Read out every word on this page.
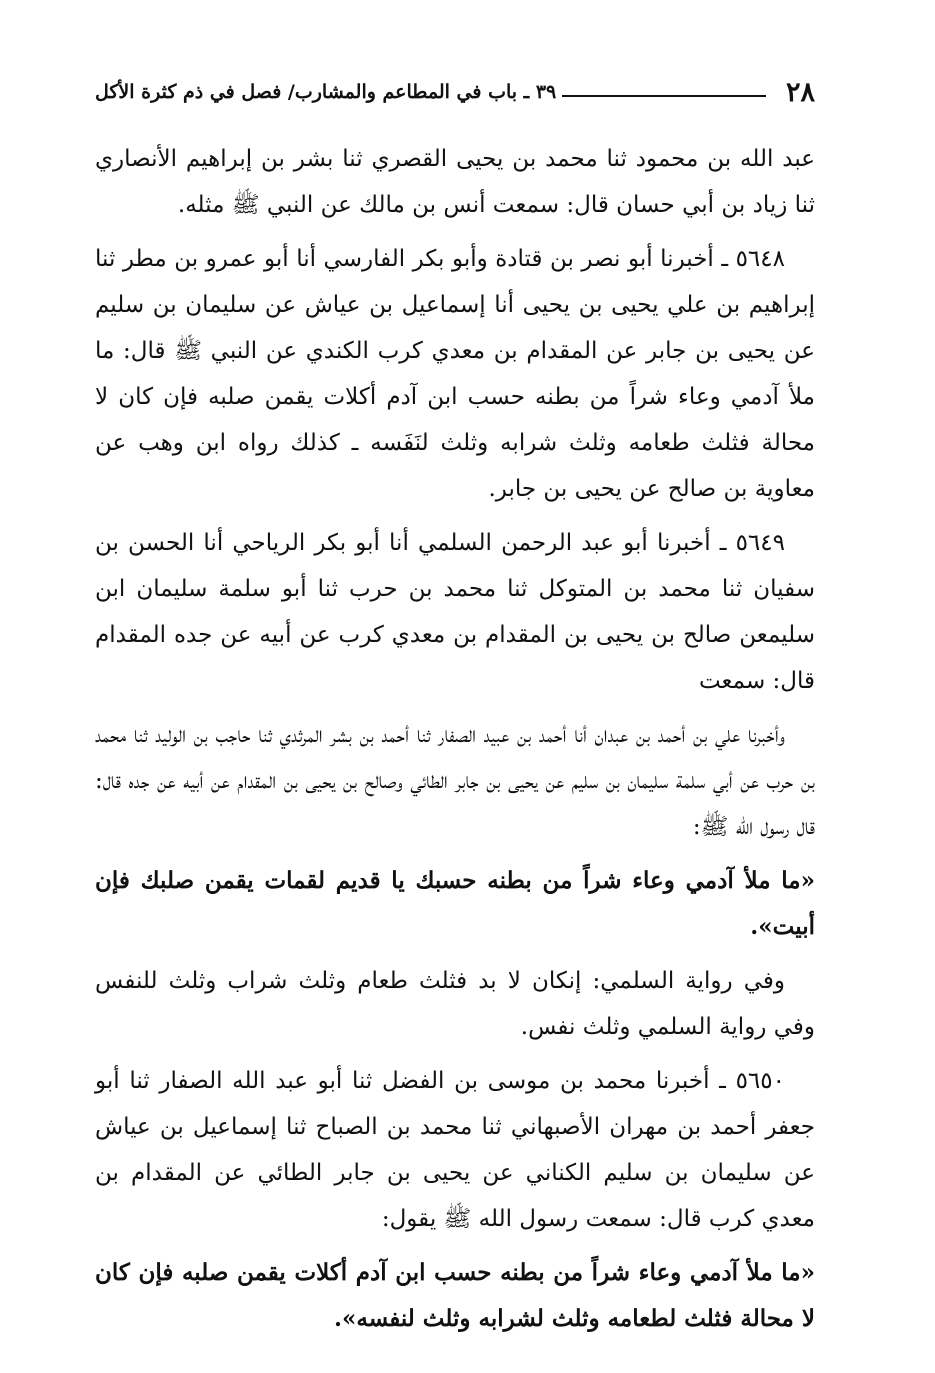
٢٨
٣٩ ـ باب في المطاعم والمشارب/ فصل في ذم كثرة الأكل

عبد الله بن محمود ثنا محمد بن يحيى القصري ثنا بشر بن إبراهيم الأنصاري ثنا زياد بن أبي حسان قال: سمعت أنس بن مالك عن النبي ﷺ مثله.

٥٦٤٨ ـ أخبرنا أبو نصر بن قتادة وأبو بكر الفارسي أنا أبو عمرو بن مطر ثنا إبراهيم بن علي يحيى بن يحيى أنا إسماعيل بن عياش عن سليمان بن سليم عن يحيى بن جابر عن المقدام بن معدي كرب الكندي عن النبي ﷺ قال: ما ملأ آدمي وعاء شراً من بطنه حسب ابن آدم أكلات يقمن صلبه فإن كان لا محالة فثلث طعامه وثلث شرابه وثلث لنَفَسه ـ كذلك رواه ابن وهب عن معاوية بن صالح عن يحيى بن جابر.

٥٦٤٩ ـ أخبرنا أبو عبد الرحمن السلمي أنا أبو بكر الرياحي أنا الحسن بن سفيان ثنا محمد بن المتوكل ثنا محمد بن حرب ثنا أبو سلمة سليمان ابن سليمعن صالح بن يحيى بن المقدام بن معدي كرب عن أبيه عن جده المقدام قال: سمعت

وأخبرنا علي بن أحمد بن عبدان أنا أحمد بن عبيد الصفار ثنا أحمد بن بشر المرثدي ثنا حاجب بن الوليد ثنا محمد بن حرب عن أبي سلمة سليمان بن سليم عن يحيى بن جابر الطائي وصالح بن يحيى بن المقدام عن أبيه عن جده قال: قال رسول الله ﷺ:

«ما ملأ آدمي وعاء شراً من بطنه حسبك يا قديم لقمات يقمن صلبك فإن أبيت».

وفي رواية السلمي: إنكان لا بد فثلث طعام وثلث شراب وثلث للنفس وفي رواية السلمي وثلث نفس.

٥٦٥٠ ـ أخبرنا محمد بن موسى بن الفضل ثنا أبو عبد الله الصفار ثنا أبو جعفر أحمد بن مهران الأصبهاني ثنا محمد بن الصباح ثنا إسماعيل بن عياش عن سليمان بن سليم الكناني عن يحيى بن جابر الطائي عن المقدام بن معدي كرب قال: سمعت رسول الله ﷺ يقول:

«ما ملأ آدمي وعاء شراً من بطنه حسب ابن آدم أكلات يقمن صلبه فإن كان لا محالة فثلث لطعامه وثلث لشرابه وثلث لنفسه».
